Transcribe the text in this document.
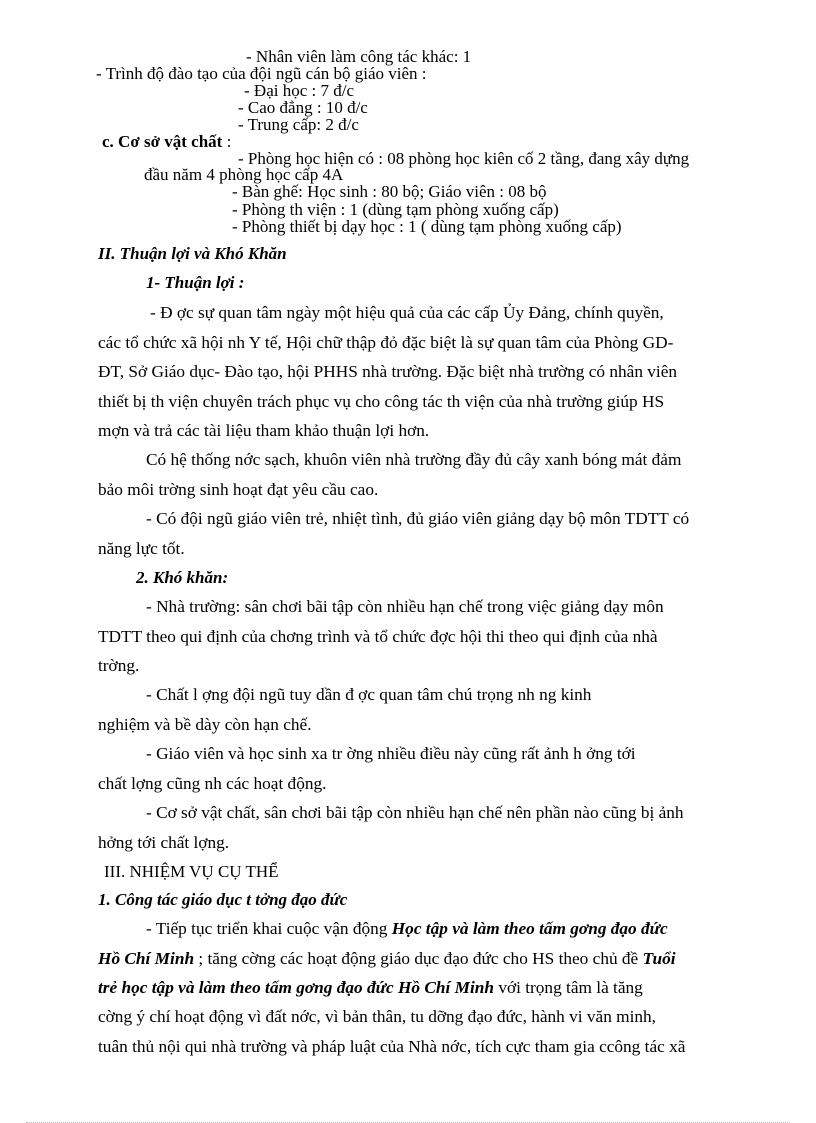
- Nhân viên làm công tác khác: 1
- Trình độ đào tạo của đội ngũ cán bộ giáo viên :
- Đại học : 7 đ/c
- Cao đẳng : 10 đ/c
- Trung cấp: 2 đ/c
c. Cơ sở vật chất :
- Phòng học hiện có : 08 phòng học kiên cố 2 tầng, đang xây dựng
đầu năm 4 phòng học cấp 4A
- Bàn ghế: Học sinh : 80 bộ; Giáo viên : 08 bộ
- Phòng th viện : 1 (dùng tạm phòng xuống cấp)
- Phòng thiết bị dạy học : 1 ( dùng tạm phòng xuống cấp)
II. Thuận lợi và Khó Khăn
1- Thuận lợi :
- Đ ợc sự quan tâm ngày một hiệu quả của các cấp Ủy Đảng, chính quyền,
các tổ chức xã hội nh Y tế, Hội chữ thập đỏ đặc biệt là sự quan tâm của Phòng GD-
ĐT, Sở Giáo dục- Đào tạo, hội PHHS nhà trường. Đặc biệt nhà trường có nhân viên
thiết bị th viện chuyên trách phục vụ cho công tác th viện của nhà trường giúp HS
mợn và trả các tài liệu tham khảo thuận lợi hơn.
Có hệ thống nớc sạch, khuôn viên nhà trường đầy đủ cây xanh bóng mát đảm
bảo môi trờng sinh hoạt đạt yêu cầu cao.
- Có đội ngũ giáo viên trẻ, nhiệt tình, đủ giáo viên giảng dạy bộ môn TDTT có
năng lực tốt.
2. Khó khăn:
- Nhà trường: sân chơi bãi tập còn nhiều hạn chế trong việc giảng dạy môn
TDTT theo qui định của chơng trình và tổ chức đợc hội thi theo qui định của nhà
trờng.
- Chất l ợng đội ngũ tuy dần đ ợc quan tâm chú trọng nh ng kinh
nghiệm và bề dày còn hạn chế.
- Giáo viên và học sinh xa tr ờng nhiều điều này cũng rất ảnh h ởng tới
chất lợng cũng nh các hoạt động.
- Cơ sở vật chất, sân chơi bãi tập còn nhiều hạn chế nên phần nào cũng bị ảnh
hởng tới chất lợng.
III. NHIỆM VỤ CỤ THỂ
1. Công tác giáo dục t tởng đạo đức
- Tiếp tục triển khai cuộc vận động Học tập và làm theo tấm gơng đạo đức
Hồ Chí Minh ; tăng cờng các hoạt động giáo dục đạo đức cho HS theo chủ đề Tuổi
trẻ học tập và làm theo tấm gơng đạo đức Hồ Chí Minh với trọng tâm là tăng
cờng ý chí hoạt động vì đất nớc, vì bản thân, tu dỡng đạo đức, hành vi văn minh,
tuân thủ nội qui nhà trường và pháp luật của Nhà nớc, tích cực tham gia ccông tác xã
